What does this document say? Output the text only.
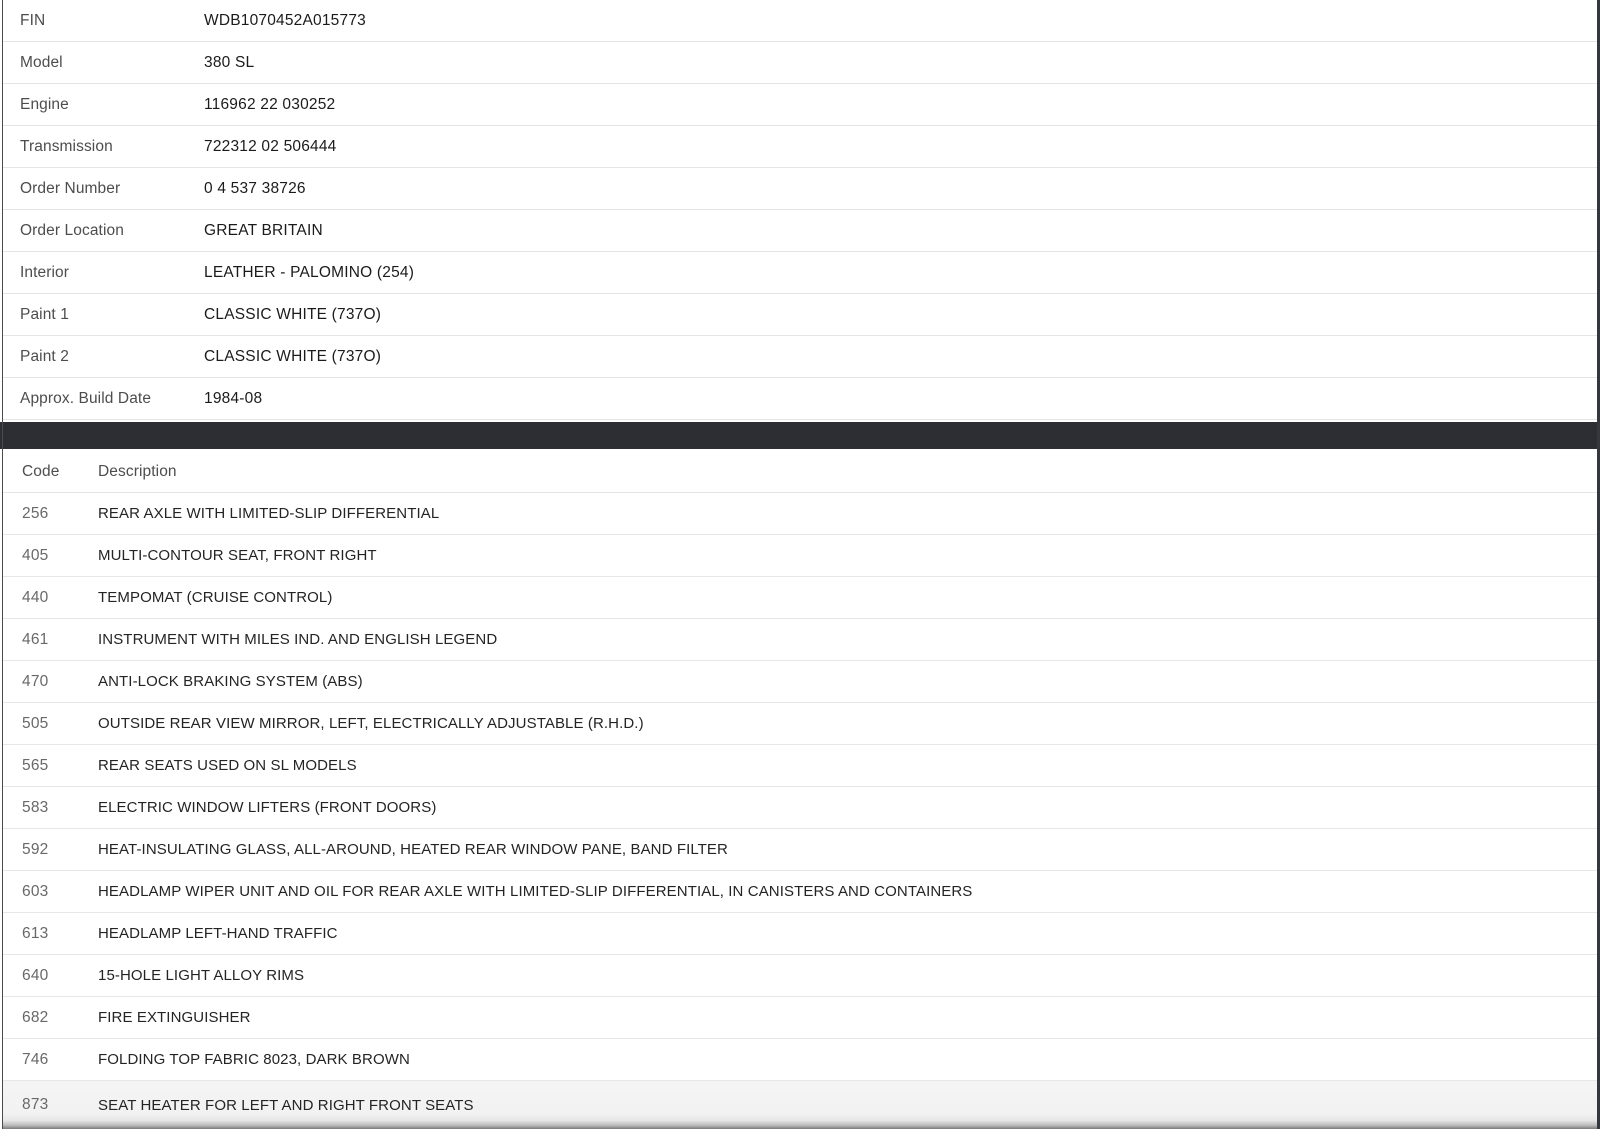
FIN	WDB1070452A015773
Model	380 SL
Engine	116962 22 030252
Transmission	722312 02 506444
Order Number	0 4 537 38726
Order Location	GREAT BRITAIN
Interior	LEATHER - PALOMINO (254)
Paint 1	CLASSIC WHITE (737O)
Paint 2	CLASSIC WHITE (737O)
Approx. Build Date	1984-08
Code	Description
256	REAR AXLE WITH LIMITED-SLIP DIFFERENTIAL
405	MULTI-CONTOUR SEAT, FRONT RIGHT
440	TEMPOMAT (CRUISE CONTROL)
461	INSTRUMENT WITH MILES IND. AND ENGLISH LEGEND
470	ANTI-LOCK BRAKING SYSTEM (ABS)
505	OUTSIDE REAR VIEW MIRROR, LEFT, ELECTRICALLY ADJUSTABLE (R.H.D.)
565	REAR SEATS USED ON SL MODELS
583	ELECTRIC WINDOW LIFTERS (FRONT DOORS)
592	HEAT-INSULATING GLASS, ALL-AROUND, HEATED REAR WINDOW PANE, BAND FILTER
603	HEADLAMP WIPER UNIT AND OIL FOR REAR AXLE WITH LIMITED-SLIP DIFFERENTIAL, IN CANISTERS AND CONTAINERS
613	HEADLAMP LEFT-HAND TRAFFIC
640	15-HOLE LIGHT ALLOY RIMS
682	FIRE EXTINGUISHER
746	FOLDING TOP FABRIC 8023, DARK BROWN
873	SEAT HEATER FOR LEFT AND RIGHT FRONT SEATS
